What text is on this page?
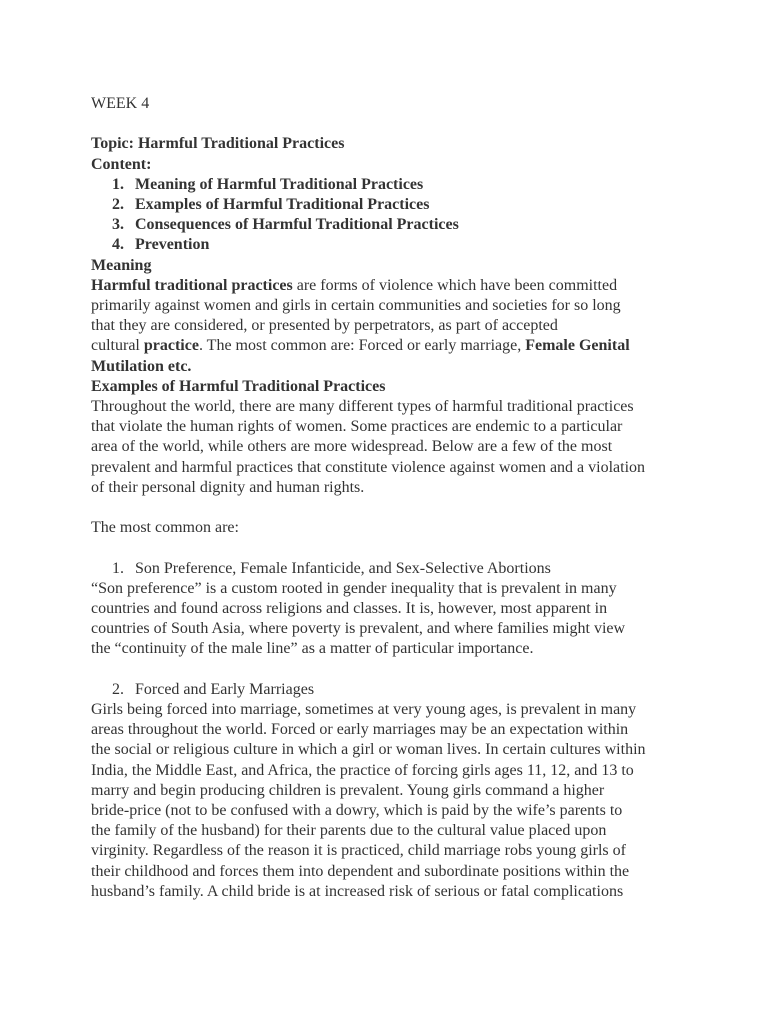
WEEK 4
Topic: Harmful Traditional Practices
Content:
1. Meaning of Harmful Traditional Practices
2. Examples of Harmful Traditional Practices
3. Consequences of Harmful Traditional Practices
4. Prevention
Meaning
Harmful traditional practices are forms of violence which have been committed
primarily against women and girls in certain communities and societies for so long
that they are considered, or presented by perpetrators, as part of accepted
cultural practice. The most common are: Forced or early marriage, Female Genital
Mutilation etc.
Examples of Harmful Traditional Practices
Throughout the world, there are many different types of harmful traditional practices
that violate the human rights of women. Some practices are endemic to a particular
area of the world, while others are more widespread. Below are a few of the most
prevalent and harmful practices that constitute violence against women and a violation
of their personal dignity and human rights.
The most common are:
1. Son Preference, Female Infanticide, and Sex-Selective Abortions
“Son preference” is a custom rooted in gender inequality that is prevalent in many
countries and found across religions and classes. It is, however, most apparent in
countries of South Asia, where poverty is prevalent, and where families might view
the “continuity of the male line” as a matter of particular importance.
2. Forced and Early Marriages
Girls being forced into marriage, sometimes at very young ages, is prevalent in many
areas throughout the world. Forced or early marriages may be an expectation within
the social or religious culture in which a girl or woman lives. In certain cultures within
India, the Middle East, and Africa, the practice of forcing girls ages 11, 12, and 13 to
marry and begin producing children is prevalent. Young girls command a higher
bride-price (not to be confused with a dowry, which is paid by the wife’s parents to
the family of the husband) for their parents due to the cultural value placed upon
virginity. Regardless of the reason it is practiced, child marriage robs young girls of
their childhood and forces them into dependent and subordinate positions within the
husband’s family. A child bride is at increased risk of serious or fatal complications
